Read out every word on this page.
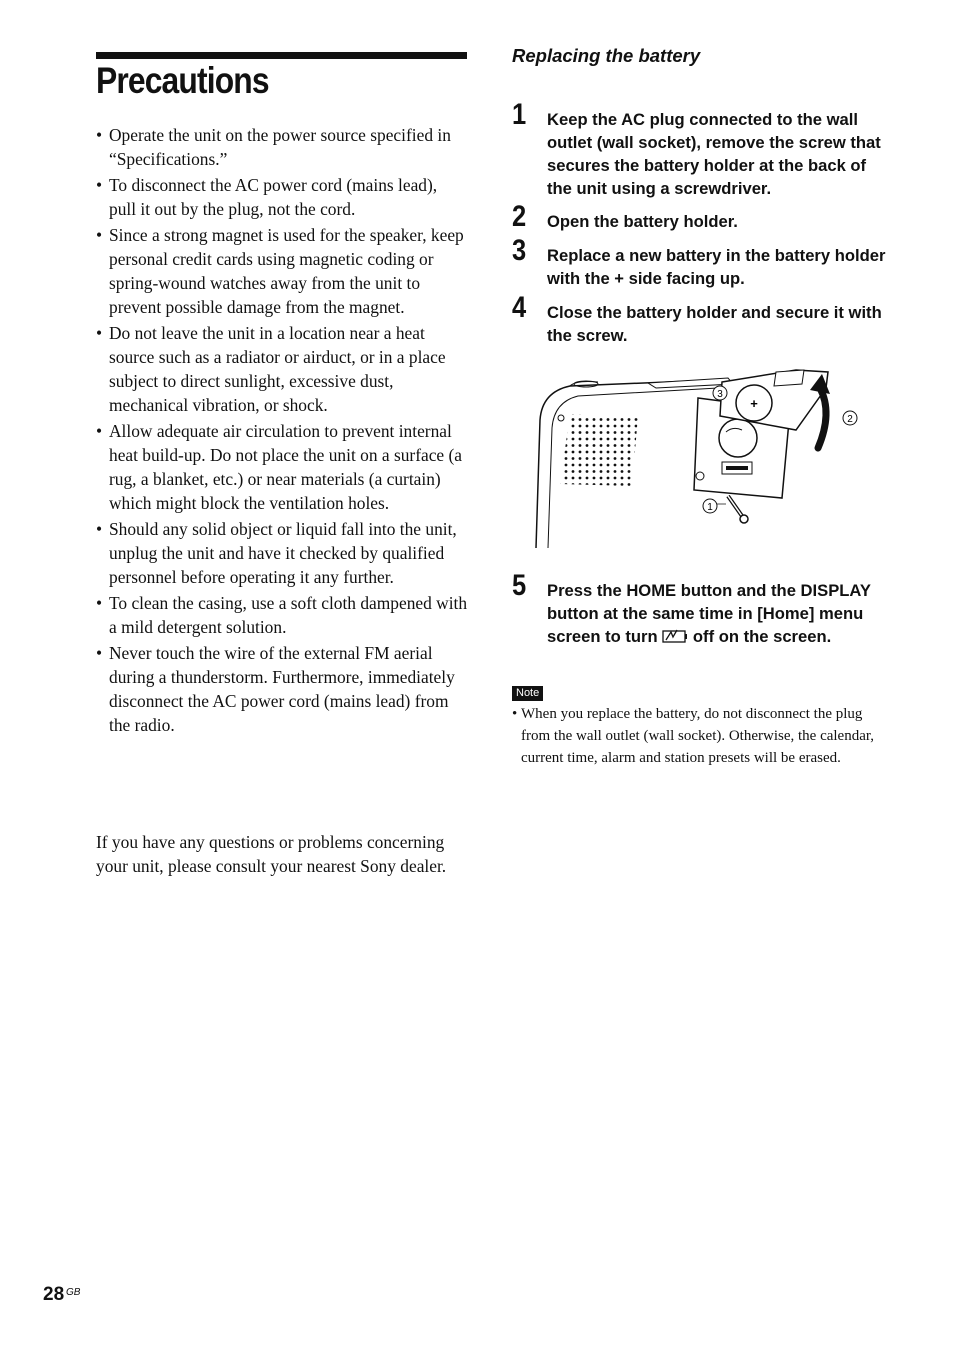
Precautions
• Operate the unit on the power source specified in “Specifications.”
• To disconnect the AC power cord (mains lead), pull it out by the plug, not the cord.
• Since a strong magnet is used for the speaker, keep personal credit cards using magnetic coding or spring-wound watches away from the unit to prevent possible damage from the magnet.
• Do not leave the unit in a location near a heat source such as a radiator or airduct, or in a place subject to direct sunlight, excessive dust, mechanical vibration, or shock.
• Allow adequate air circulation to prevent internal heat build-up. Do not place the unit on a surface (a rug, a blanket, etc.) or near materials (a curtain) which might block the ventilation holes.
• Should any solid object or liquid fall into the unit, unplug the unit and have it checked by qualified personnel before operating it any further.
• To clean the casing, use a soft cloth dampened with a mild detergent solution.
• Never touch the wire of the external FM aerial during a thunderstorm. Furthermore, immediately disconnect the AC power cord (mains lead) from the radio.

If you have any questions or problems concerning your unit, please consult your nearest Sony dealer.

Replacing the battery
1 Keep the AC plug connected to the wall outlet (wall socket), remove the screw that secures the battery holder at the back of the unit using a screwdriver.
2 Open the battery holder.
3 Replace a new battery in the battery holder with the + side facing up.
4 Close the battery holder and secure it with the screw.
+
1
2
3
5 Press the HOME button and the DISPLAY button at the same time in [Home] menu screen to turn off on the screen.
Note

• When you replace the battery, do not disconnect the plug from the wall outlet (wall socket). Otherwise, the calendar, current time, alarm and station presets will be erased.

28 GB
